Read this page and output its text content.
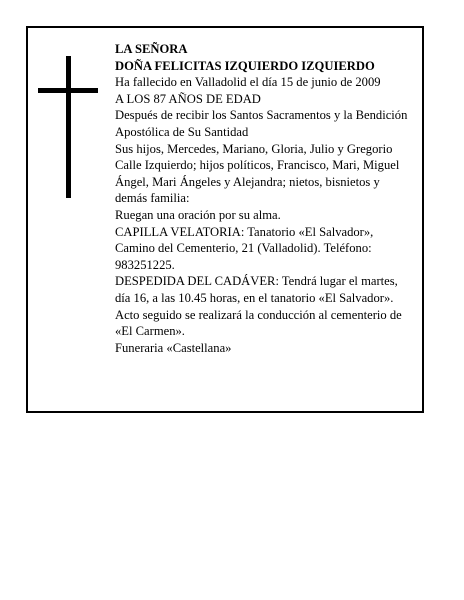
LA SEÑORA

DOÑA FELICITAS IZQUIERDO IZQUIERDO

Ha fallecido en Valladolid el día 15 de junio de 2009

A LOS 87 AÑOS DE EDAD

Después de recibir los Santos Sacramentos y la Bendición Apostólica de Su Santidad

Sus hijos, Mercedes, Mariano, Gloria, Julio y Gregorio Calle Izquierdo; hijos políticos, Francisco, Mari, Miguel Ángel, Mari Ángeles y Alejandra; nietos, bisnietos y demás familia:

Ruegan una oración por su alma.

CAPILLA VELATORIA: Tanatorio «El Salvador», Camino del Cementerio, 21 (Valladolid). Teléfono: 983251225.

DESPEDIDA DEL CADÁVER: Tendrá lugar el martes, día 16, a las 10.45 horas, en el tanatorio «El Salvador». Acto seguido se realizará la conducción al cementerio de «El Carmen».

Funeraria «Castellana»
